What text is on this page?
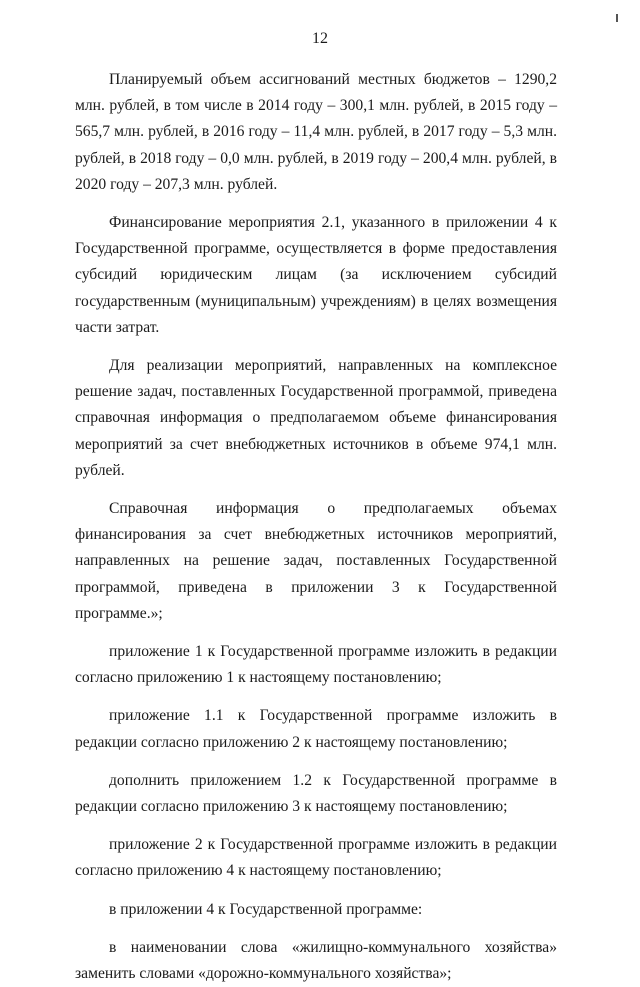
12

Планируемый объем ассигнований местных бюджетов – 1290,2 млн. рублей, в том числе в 2014 году – 300,1 млн. рублей, в 2015 году – 565,7 млн. рублей, в 2016 году – 11,4 млн. рублей, в 2017 году – 5,3 млн. рублей, в 2018 году – 0,0 млн. рублей, в 2019 году – 200,4 млн. рублей, в 2020 году – 207,3 млн. рублей.

Финансирование мероприятия 2.1, указанного в приложении 4 к Государственной программе, осуществляется в форме предоставления субсидий юридическим лицам (за исключением субсидий государственным (муниципальным) учреждениям) в целях возмещения части затрат.

Для реализации мероприятий, направленных на комплексное решение задач, поставленных Государственной программой, приведена справочная информация о предполагаемом объеме финансирования мероприятий за счет внебюджетных источников в объеме 974,1 млн. рублей.

Справочная информация о предполагаемых объемах финансирования за счет внебюджетных источников мероприятий, направленных на решение задач, поставленных Государственной программой, приведена в приложении 3 к Государственной программе.»;

приложение 1 к Государственной программе изложить в редакции согласно приложению 1 к настоящему постановлению;

приложение 1.1 к Государственной программе изложить в редакции согласно приложению 2 к настоящему постановлению;

дополнить приложением 1.2 к Государственной программе в редакции согласно приложению 3 к настоящему постановлению;

приложение 2 к Государственной программе изложить в редакции согласно приложению 4 к настоящему постановлению;

в приложении 4 к Государственной программе:

в наименовании слова «жилищно-коммунального хозяйства» заменить словами «дорожно-коммунального хозяйства»;
